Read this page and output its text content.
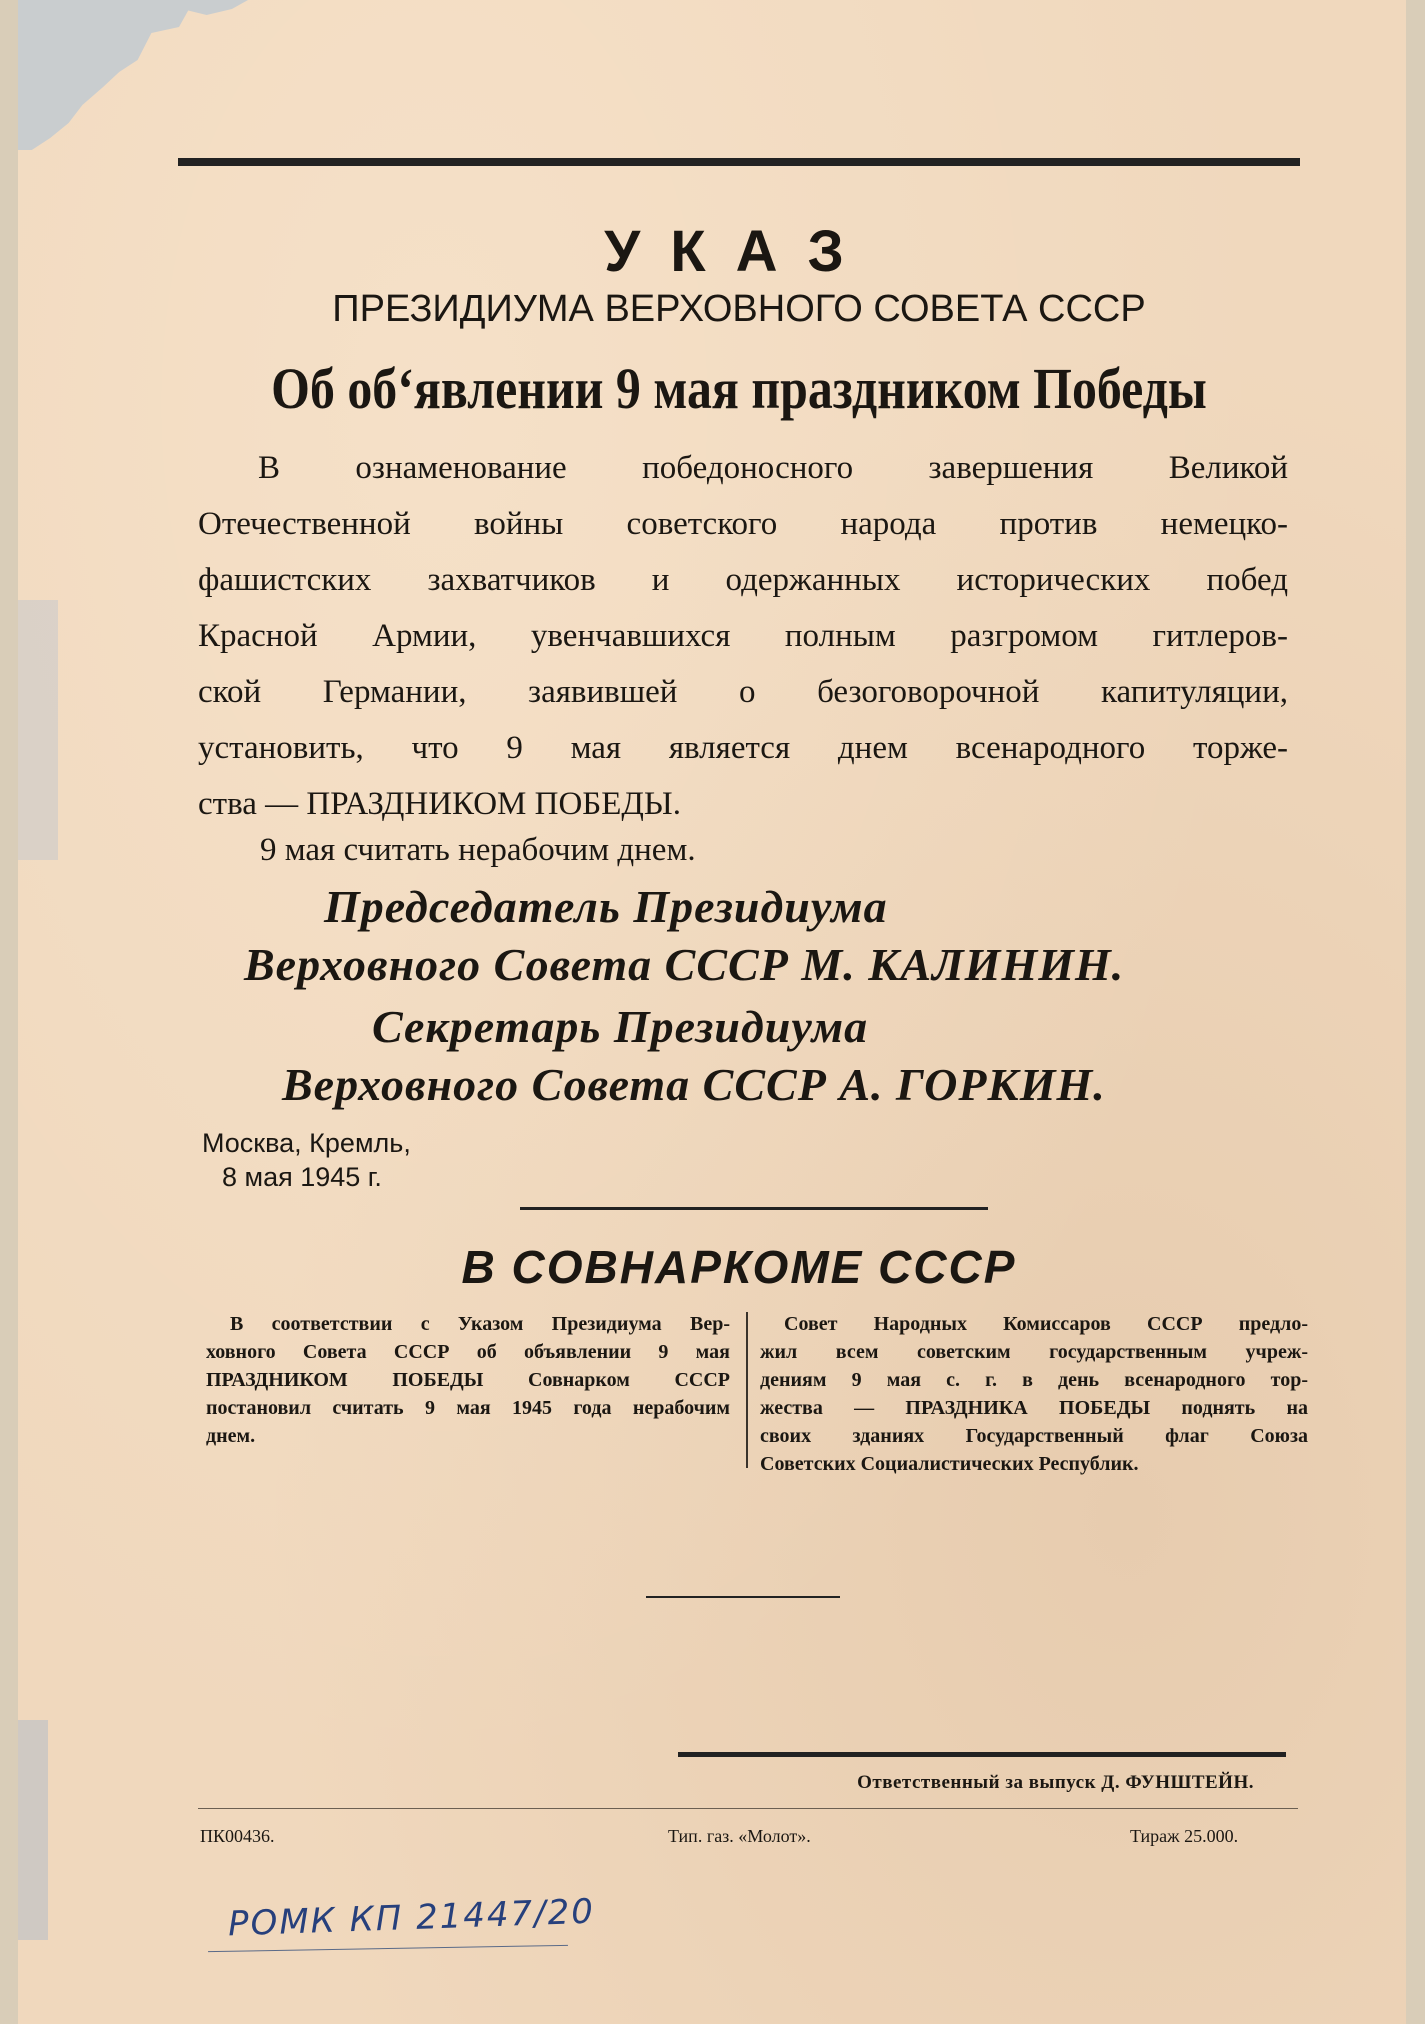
УКАЗ
ПРЕЗИДИУМА ВЕРХОВНОГО СОВЕТА СССР
Об об‘явлении 9 мая праздником Победы
В ознаменование победоносного завершения Великой
Отечественной войны советского народа против немецко-
фашистских захватчиков и одержанных исторических побед
Красной Армии, увенчавшихся полным разгромом гитлеров-
ской Германии, заявившей о безоговорочной капитуляции,
установить, что 9 мая является днем всенародного торже-
ства — ПРАЗДНИКОМ ПОБЕДЫ.
9 мая считать нерабочим днем.
Председатель Президиума
Верховного Совета СССР М. КАЛИНИН.
Секретарь Президиума
Верховного Совета СССР А. ГОРКИН.
Москва, Кремль,
8 мая 1945 г.
В СОВНАРКОМЕ СССР
В соответствии с Указом Президиума Вер-
ховного Совета СССР об объявлении 9 мая
ПРАЗДНИКОМ ПОБЕДЫ Совнарком СССР
постановил считать 9 мая 1945 года нерабочим
днем.
Совет Народных Комиссаров СССР предло-
жил всем советским государственным учреж-
дениям 9 мая с. г. в день всенародного тор-
жества — ПРАЗДНИКА ПОБЕДЫ поднять на
своих зданиях Государственный флаг Союза
Советских Социалистических Республик.
Ответственный за выпуск Д. ФУНШТЕЙН.
ПК00436.	Тип. газ. «Молот».	Тираж 25.000.
РОМК КП 21447/20
